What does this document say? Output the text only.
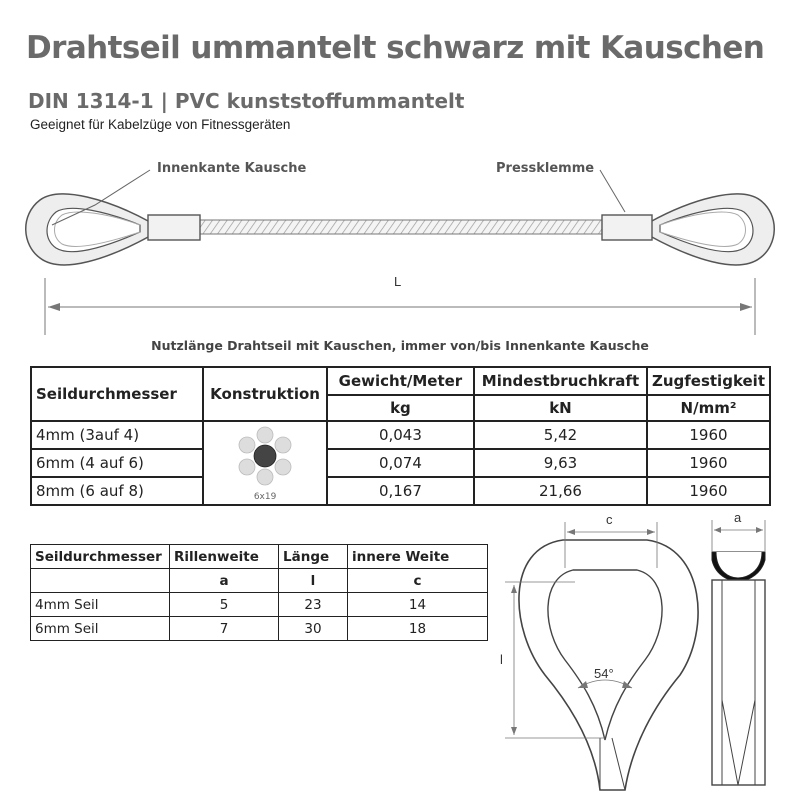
Drahtseil ummantelt schwarz mit Kauschen
DIN 1314-1 | PVC kunststoffummantelt
Geeignet für Kabelzüge von Fitnessgeräten
Innenkante Kausche	Pressklemme
L
Nutzlänge Drahtseil mit Kauschen, immer von/bis Innenkante Kausche
Seildurchmesser	Konstruktion	Gewicht/Meter	Mindestbruchkraft	Zugfestigkeit
		kg	kN	N/mm²
4mm (3auf 4)	6x19	0,043	5,42	1960
6mm (4 auf 6)		0,074	9,63	1960
8mm (6 auf 8)		0,167	21,66	1960
Seildurchmesser	Rillenweite	Länge	innere Weite
	a	l	c
4mm Seil	5	23	14
6mm Seil	7	30	18
c	a
l
54°
